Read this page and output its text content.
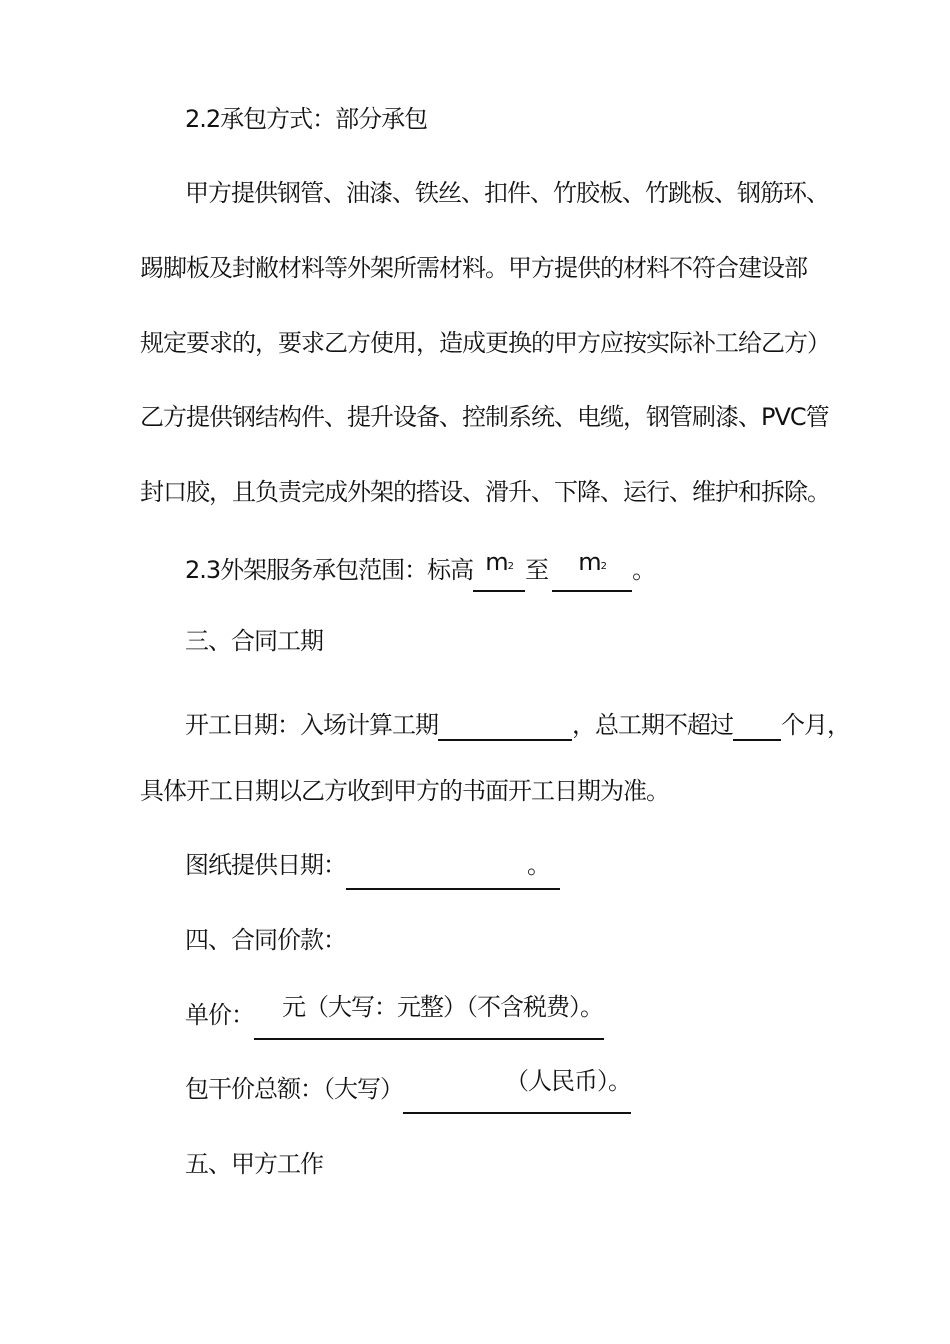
2.2承包方式：部分承包
甲方提供钢管、油漆、铁丝、扣件、竹胶板、竹跳板、钢筋环、
踢脚板及封敝材料等外架所需材料。甲方提供的材料不符合建设部
规定要求的，要求乙方使用，造成更换的甲方应按实际补工给乙方）
乙方提供钢结构件、提升设备、控制系统、电缆，钢管刷漆、PVC管
封口胶，且负责完成外架的搭设、滑升、下降、运行、维护和拆除。
2.3外架服务承包范围：标高 $m^2$ 至 $m^2$ 。
三、合同工期
开工日期：入场计算工期	，总工期不超过 个月，
具体开工日期以乙方收到甲方的书面开工日期为准。
图纸提供日期：	。
四、合同价款：
单价： 元（大写：元整）（不含税费）。
包干价总额：（大写）	（人民币）。
五、甲方工作
